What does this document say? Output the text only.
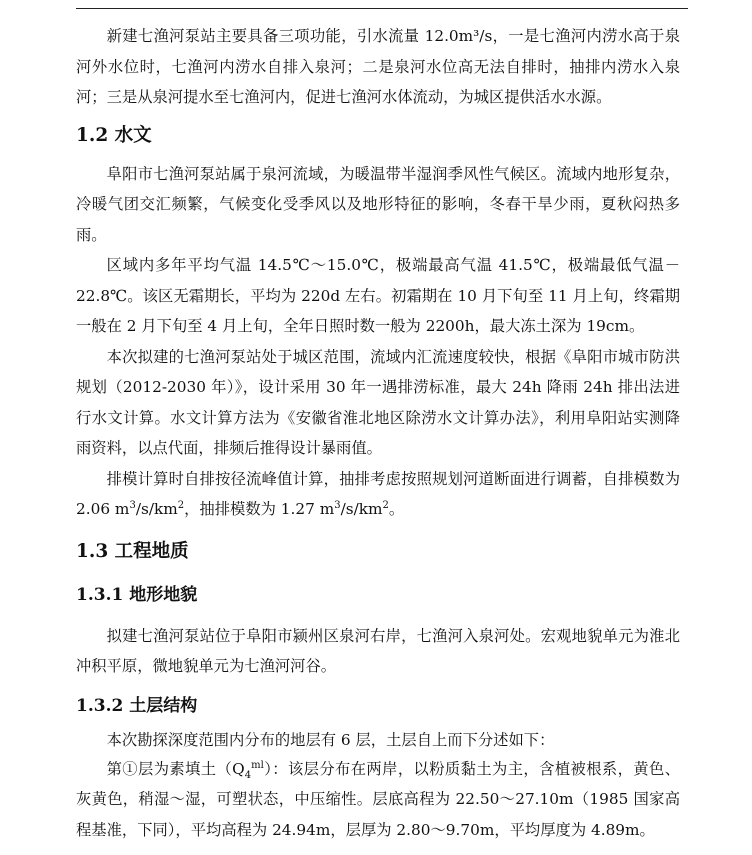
新建七渔河泵站主要具备三项功能，引水流量 12.0m³/s，一是七渔河内涝水高于泉河外水位时，七渔河内涝水自排入泉河；二是泉河水位高无法自排时，抽排内涝水入泉河；三是从泉河提水至七渔河内，促进七渔河水体流动，为城区提供活水水源。

1.2 水文

阜阳市七渔河泵站属于泉河流域，为暖温带半湿润季风性气候区。流域内地形复杂，冷暖气团交汇频繁，气候变化受季风以及地形特征的影响，冬春干旱少雨，夏秋闷热多雨。

区域内多年平均气温 14.5℃～15.0℃，极端最高气温 41.5℃，极端最低气温－22.8℃。该区无霜期长，平均为 220d 左右。初霜期在 10 月下旬至 11 月上旬，终霜期一般在 2 月下旬至 4 月上旬，全年日照时数一般为 2200h，最大冻土深为 19cm。

本次拟建的七渔河泵站处于城区范围，流域内汇流速度较快，根据《阜阳市城市防洪规划（2012-2030 年）》，设计采用 30 年一遇排涝标准，最大 24h 降雨 24h 排出法进行水文计算。水文计算方法为《安徽省淮北地区除涝水文计算办法》，利用阜阳站实测降雨资料，以点代面，排频后推得设计暴雨值。

排模计算时自排按径流峰值计算，抽排考虑按照规划河道断面进行调蓄，自排模数为 2.06 $m^3/s/km^2$，抽排模数为 1.27 $m^3/s/km^2$。

1.3 工程地质
1.3.1 地形地貌

拟建七渔河泵站位于阜阳市颍州区泉河右岸，七渔河入泉河处。宏观地貌单元为淮北冲积平原，微地貌单元为七渔河河谷。

1.3.2 土层结构

本次勘探深度范围内分布的地层有 6 层，土层自上而下分述如下：

第①层为素填土$(Q_4^{ml})$：该层分布在两岸，以粉质黏土为主，含植被根系，黄色、灰黄色，稍湿～湿，可塑状态，中压缩性。层底高程为 22.50～27.10m（1985 国家高程基准，下同），平均高程为 24.94m，层厚为 2.80～9.70m，平均厚度为 4.89m。
